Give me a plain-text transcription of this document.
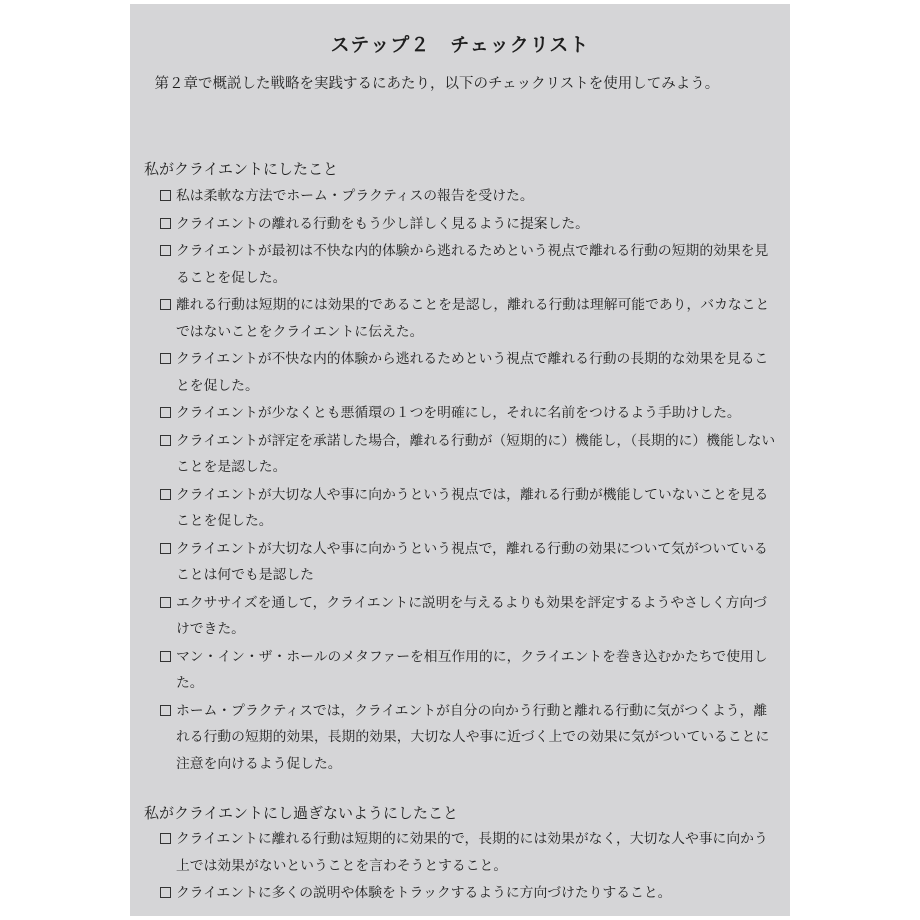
ステップ２　チェックリスト
第２章で概説した戦略を実践するにあたり，以下のチェックリストを使用してみよう。
私がクライエントにしたこと
私は柔軟な方法でホーム・プラクティスの報告を受けた。
クライエントの離れる行動をもう少し詳しく見るように提案した。
クライエントが最初は不快な内的体験から逃れるためという視点で離れる行動の短期的効果を見ることを促した。
離れる行動は短期的には効果的であることを是認し，離れる行動は理解可能であり，バカなことではないことをクライエントに伝えた。
クライエントが不快な内的体験から逃れるためという視点で離れる行動の長期的な効果を見ることを促した。
クライエントが少なくとも悪循環の１つを明確にし，それに名前をつけるよう手助けした。
クライエントが評定を承諾した場合，離れる行動が（短期的に）機能し，（長期的に）機能しないことを是認した。
クライエントが大切な人や事に向かうという視点では，離れる行動が機能していないことを見ることを促した。
クライエントが大切な人や事に向かうという視点で，離れる行動の効果について気がついていることは何でも是認した
エクササイズを通して，クライエントに説明を与えるよりも効果を評定するようやさしく方向づけできた。
マン・イン・ザ・ホールのメタファーを相互作用的に，クライエントを巻き込むかたちで使用した。
ホーム・プラクティスでは，クライエントが自分の向かう行動と離れる行動に気がつくよう，離れる行動の短期的効果，長期的効果，大切な人や事に近づく上での効果に気がついていることに注意を向けるよう促した。
私がクライエントにし過ぎないようにしたこと
クライエントに離れる行動は短期的に効果的で，長期的には効果がなく，大切な人や事に向かう上では効果がないということを言わそうとすること。
クライエントに多くの説明や体験をトラックするように方向づけたりすること。
